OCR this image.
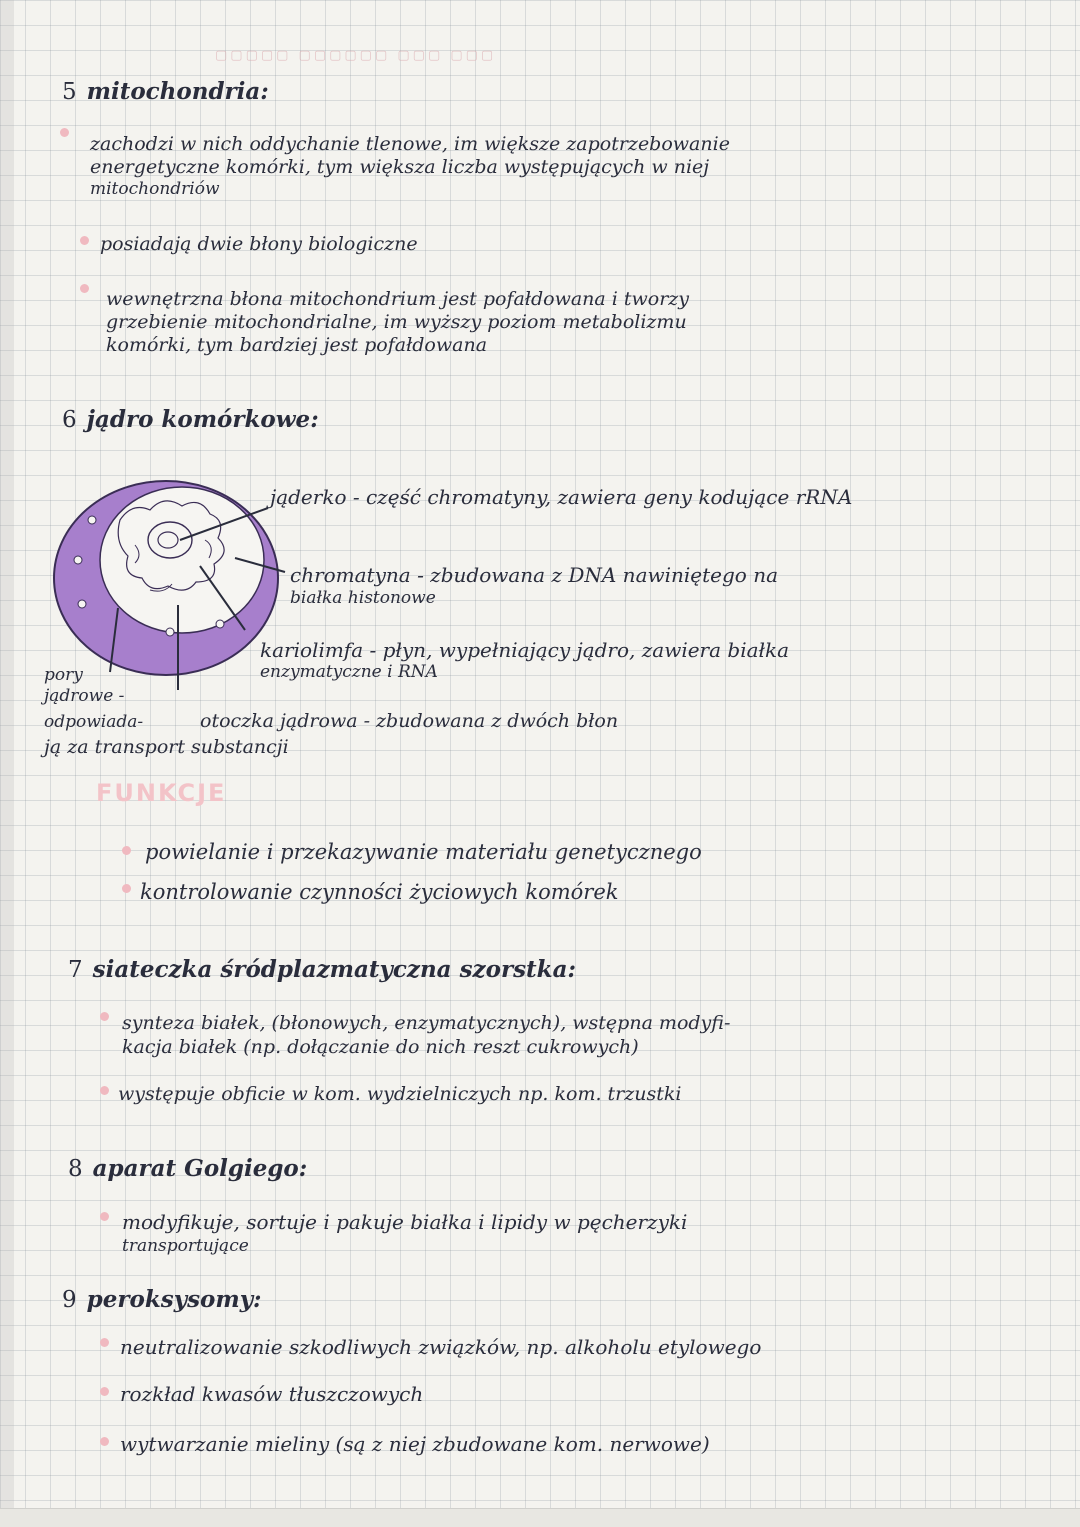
▢▢▢▢▢ ▢▢▢▢▢▢ ▢▢▢ ▢▢▢
5 mitochondria:
zachodzi w nich oddychanie tlenowe, im większe zapotrzebowanie
energetyczne komórki, tym większa liczba występujących w niej
mitochondriów
posiadają dwie błony biologiczne
wewnętrzna błona mitochondrium jest pofałdowana i tworzy
grzebienie mitochondrialne, im wyższy poziom metabolizmu
komórki, tym bardziej jest pofałdowana
6 jądro komórkowe:
jąderko - część chromatyny, zawiera geny kodujące rRNA
chromatyna - zbudowana z DNA nawiniętego na
białka histonowe
kariolimfa - płyn, wypełniający jądro, zawiera białka
enzymatyczne i RNA
pory
jądrowe -
odpowiada-	otoczka jądrowa - zbudowana z dwóch błon
ją za transport substancji
FUNKCJE
powielanie i przekazywanie materiału genetycznego
kontrolowanie czynności życiowych komórek
7 siateczka śródplazmatyczna szorstka:
synteza białek, (błonowych, enzymatycznych), wstępna modyfi-
kacja białek (np. dołączanie do nich reszt cukrowych)
występuje obficie w kom. wydzielniczych np. kom. trzustki
8 aparat Golgiego:
modyfikuje, sortuje i pakuje białka i lipidy w pęcherzyki
transportujące
9 peroksysomy:
neutralizowanie szkodliwych związków, np. alkoholu etylowego
rozkład kwasów tłuszczowych
wytwarzanie mieliny (są z niej zbudowane kom. nerwowe)
